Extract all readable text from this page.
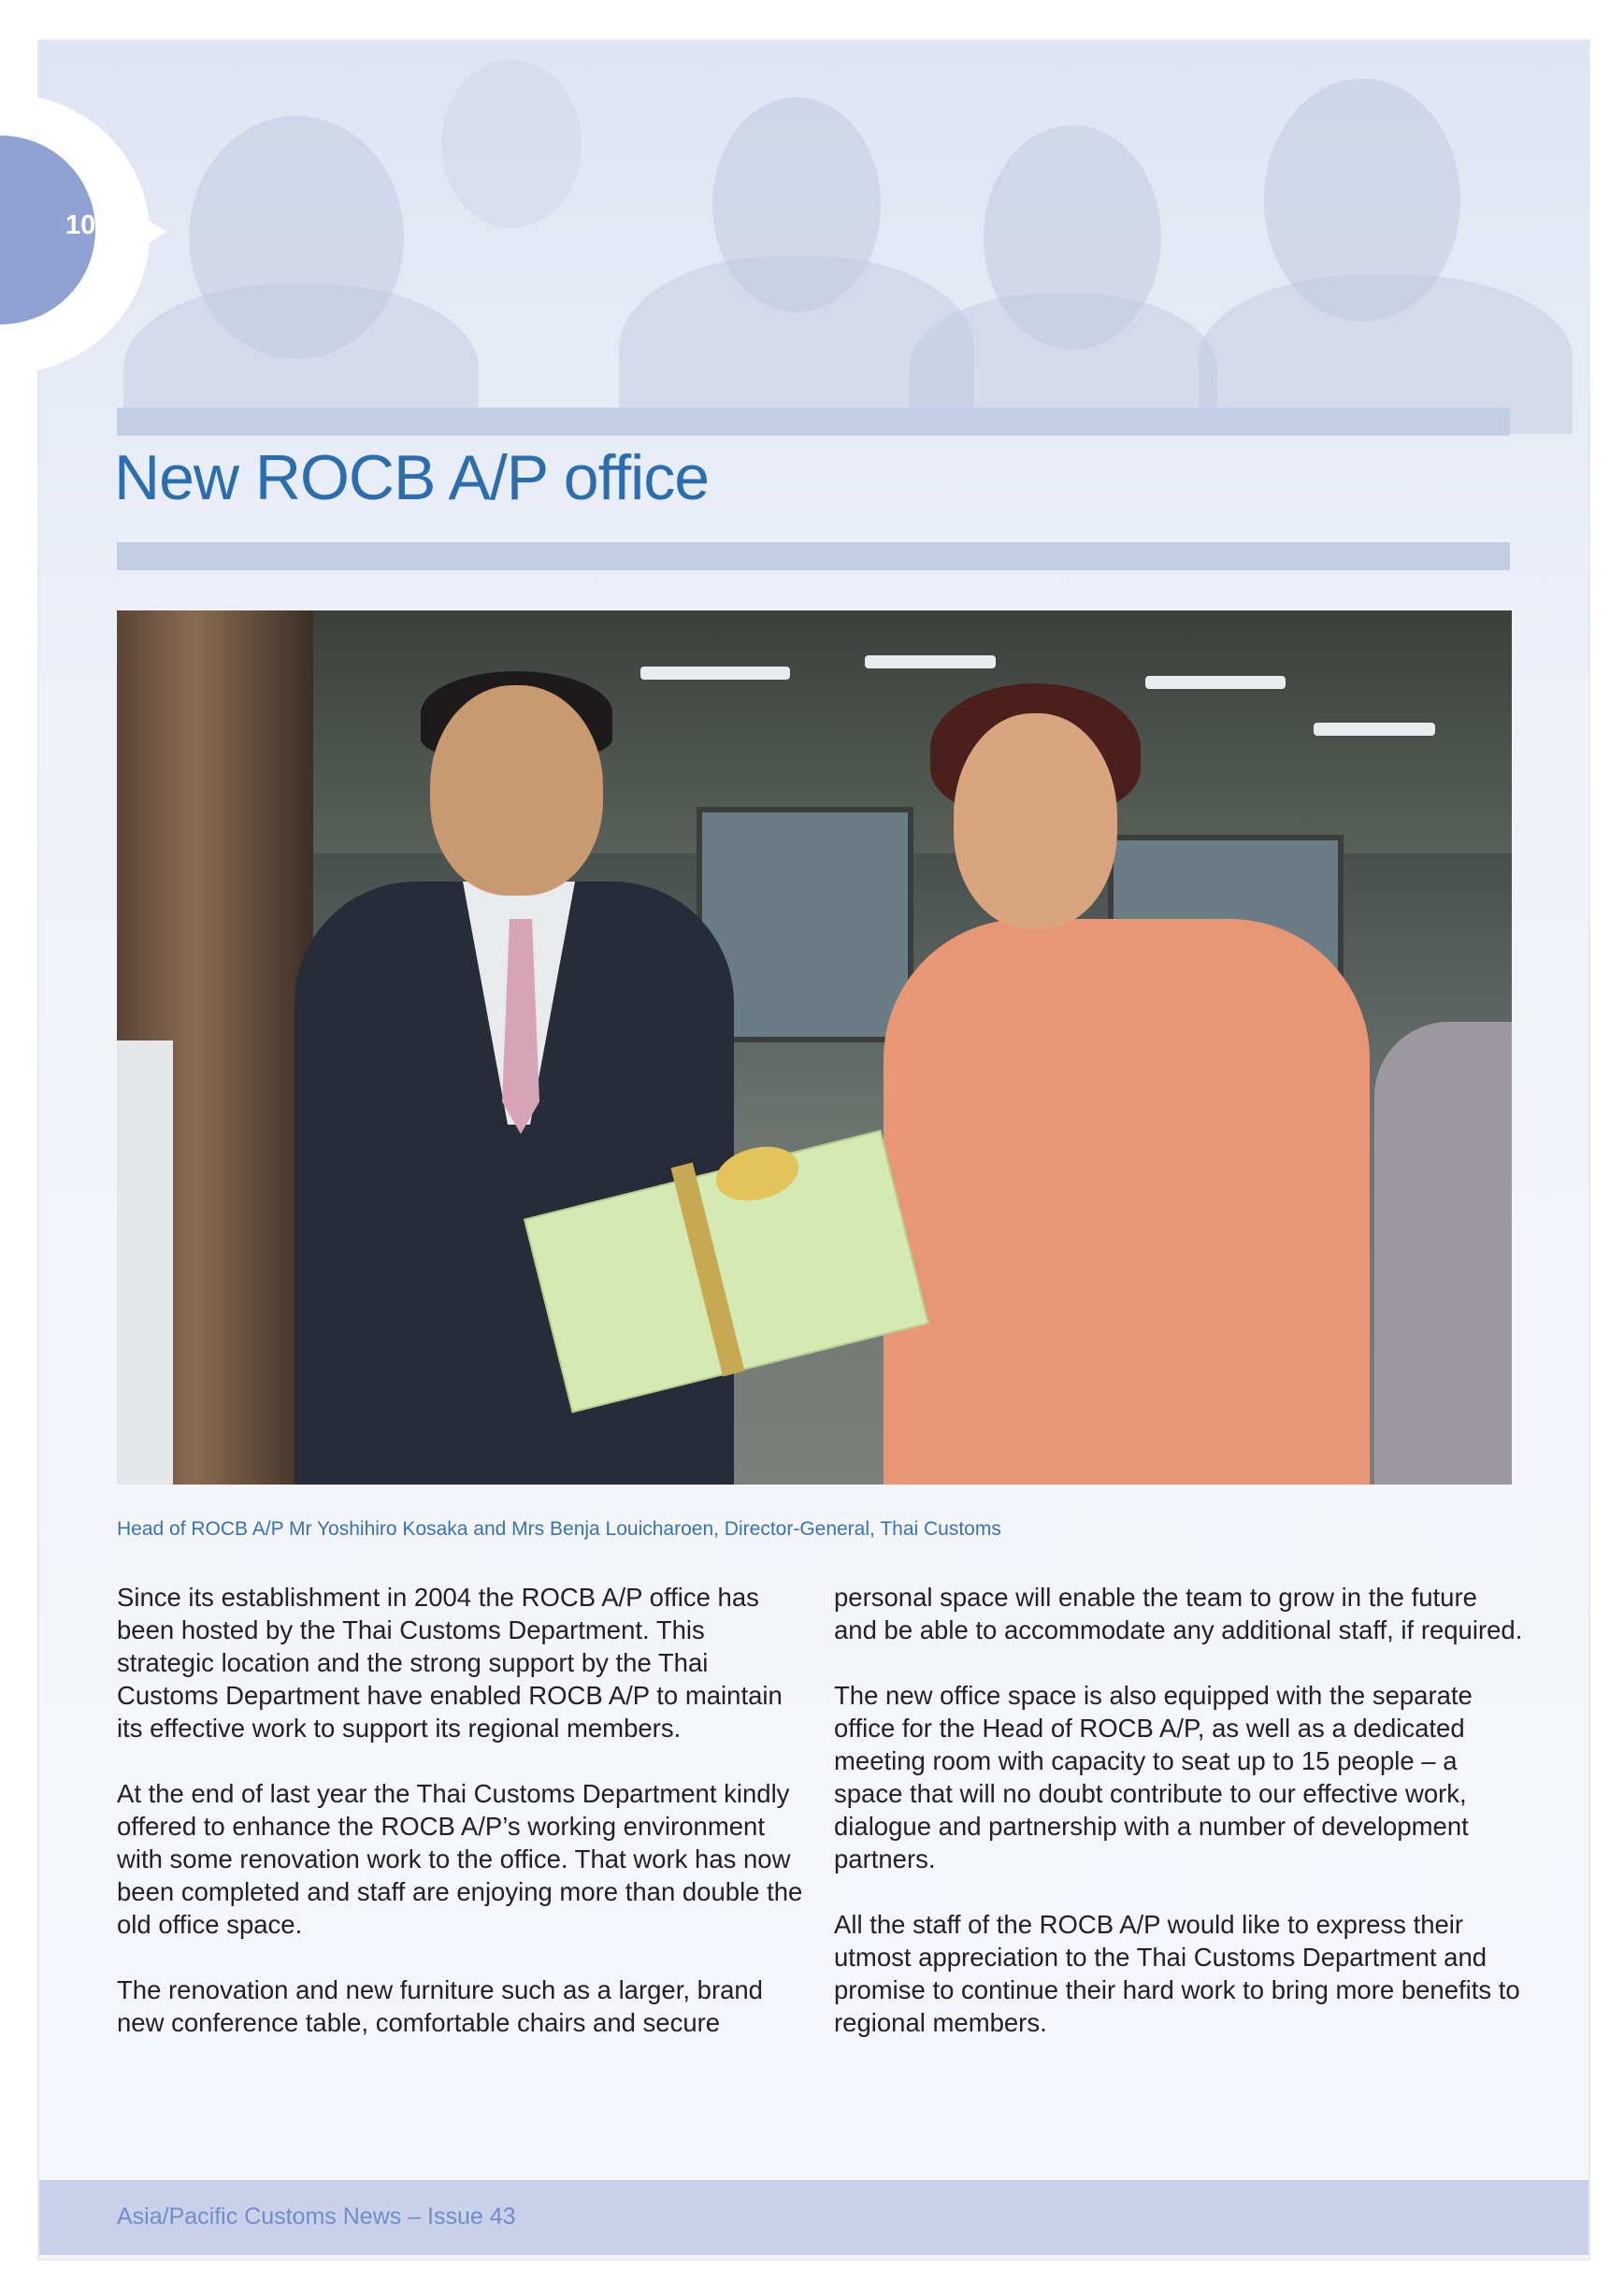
10
New ROCB A/P office

Head of ROCB A/P Mr Yoshihiro Kosaka and Mrs Benja Louicharoen, Director-General, Thai Customs

Since its establishment in 2004 the ROCB A/P office has been hosted by the Thai Customs Department. This strategic location and the strong support by the Thai Customs Department have enabled ROCB A/P to maintain its effective work to support its regional members.

At the end of last year the Thai Customs Department kindly offered to enhance the ROCB A/P’s working environment with some renovation work to the office. That work has now been completed and staff are enjoying more than double the old office space.

The renovation and new furniture such as a larger, brand new conference table, comfortable chairs and secure

personal space will enable the team to grow in the future and be able to accommodate any additional staff, if required.

The new office space is also equipped with the separate office for the Head of ROCB A/P, as well as a dedicated meeting room with capacity to seat up to 15 people – a space that will no doubt contribute to our effective work, dialogue and partnership with a number of development partners.

All the staff of the ROCB A/P would like to express their utmost appreciation to the Thai Customs Department and promise to continue their hard work to bring more benefits to regional members.

Asia/Pacific Customs News – Issue 43
